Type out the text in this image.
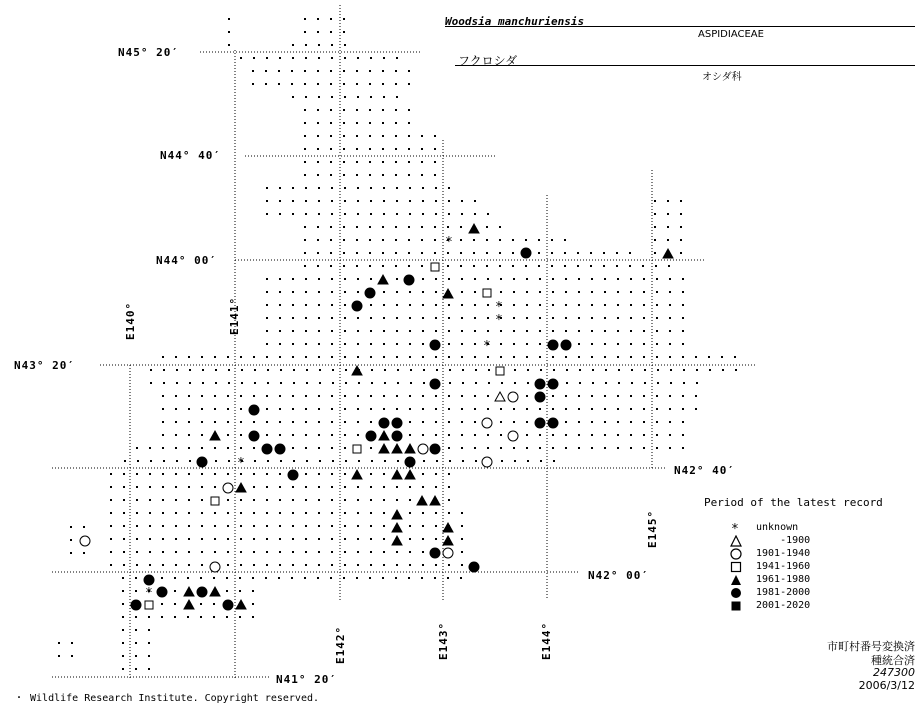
*
*
*
*
*
*
N45° 20′
N44° 40′
N44° 00′
N43° 20′
N42° 40′
N42° 00′
N41° 20′
E140°	E141°
E142°	E143°	E144°
E145°
Woodsia manchuriensis
ASPIDIACEAE
フクロシダ
オシダ科
Period of the latest record
* unknown
-1900
1901-1940
1941-1960
1961-1980
1981-2000
2001-2020
市町村番号変換済
種統合済
247300
2006/3/12
・ Wildlife Research Institute. Copyright reserved.
